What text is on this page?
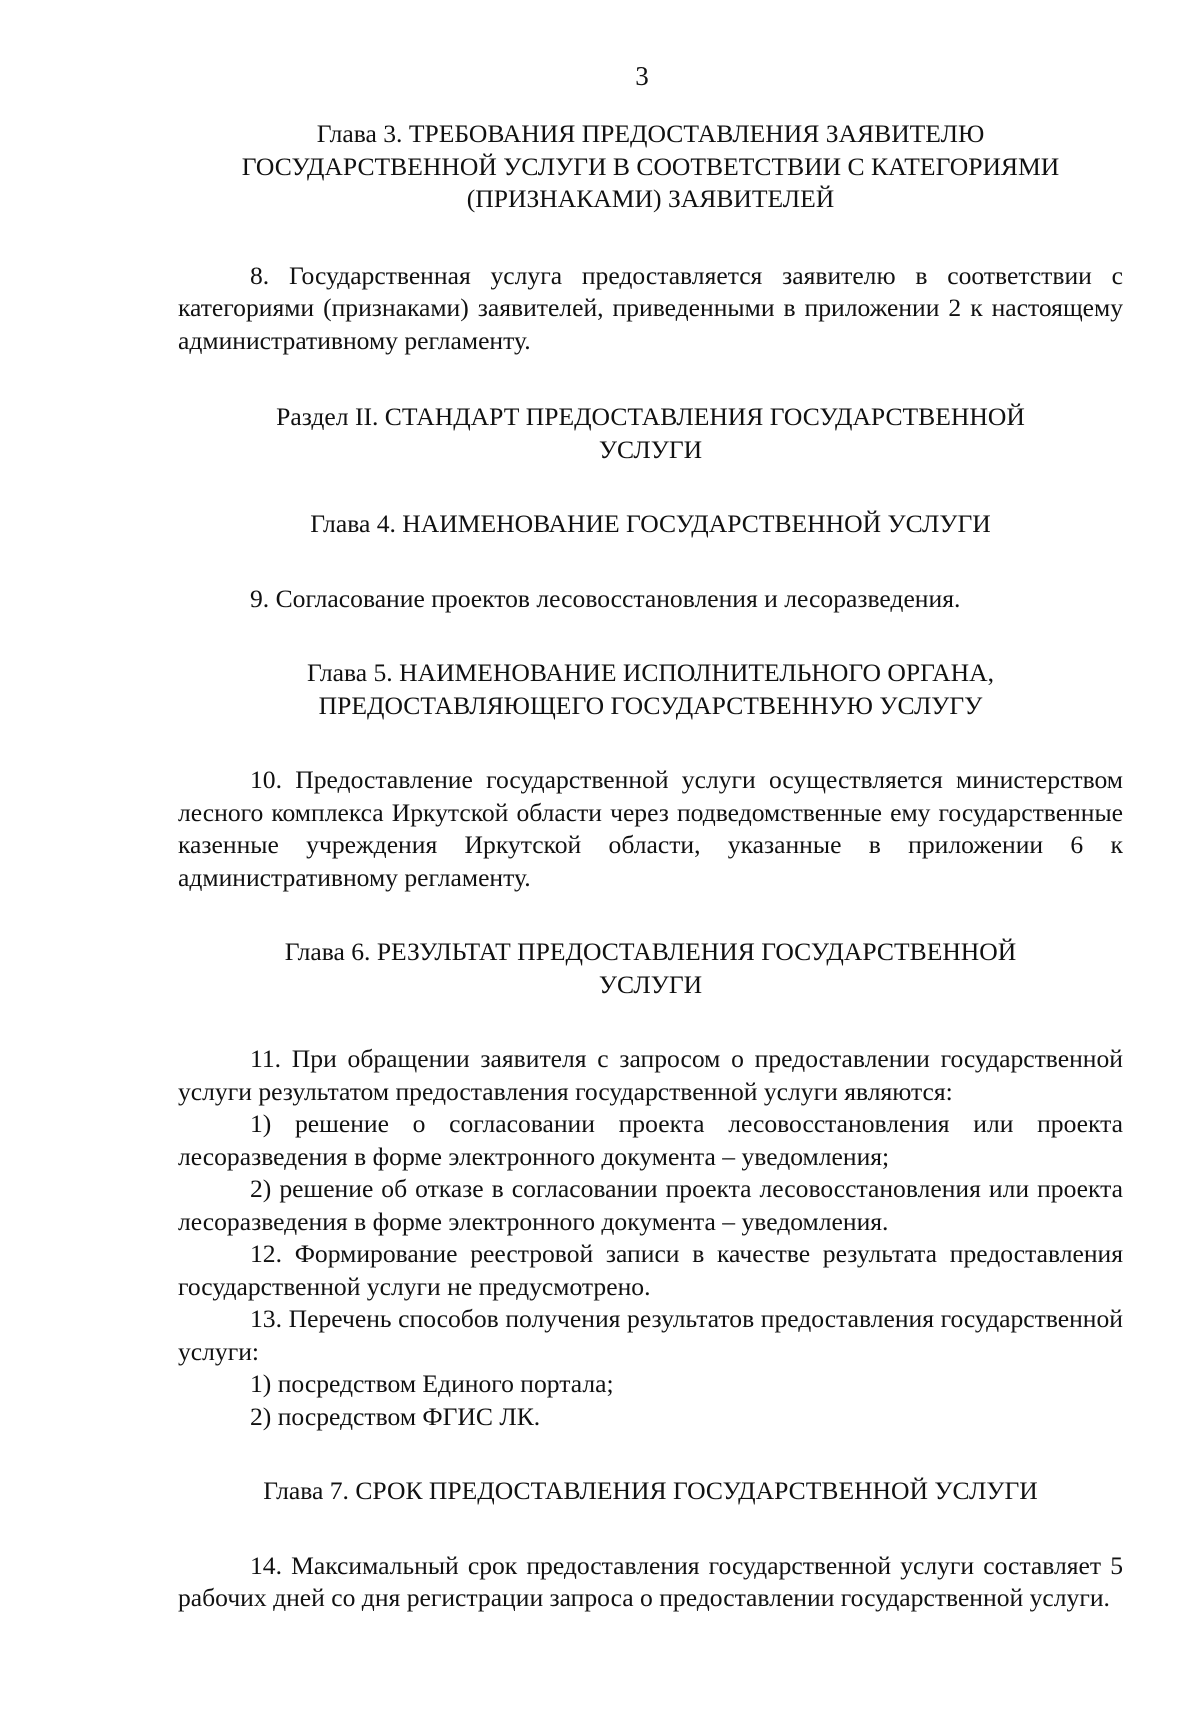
3
Глава 3. ТРЕБОВАНИЯ ПРЕДОСТАВЛЕНИЯ ЗАЯВИТЕЛЮ
ГОСУДАРСТВЕННОЙ УСЛУГИ В СООТВЕТСТВИИ С КАТЕГОРИЯМИ
(ПРИЗНАКАМИ) ЗАЯВИТЕЛЕЙ

8. Государственная услуга предоставляется заявителю в соответствии с категориями (признаками) заявителей, приведенными в приложении 2 к настоящему административному регламенту.

Раздел II. СТАНДАРТ ПРЕДОСТАВЛЕНИЯ ГОСУДАРСТВЕННОЙ
УСЛУГИ
Глава 4. НАИМЕНОВАНИЕ ГОСУДАРСТВЕННОЙ УСЛУГИ

9. Согласование проектов лесовосстановления и лесоразведения.

Глава 5. НАИМЕНОВАНИЕ ИСПОЛНИТЕЛЬНОГО ОРГАНА,
ПРЕДОСТАВЛЯЮЩЕГО ГОСУДАРСТВЕННУЮ УСЛУГУ

10. Предоставление государственной услуги осуществляется министерством лесного комплекса Иркутской области через подведомственные ему государственные казенные учреждения Иркутской области, указанные в приложении 6 к административному регламенту.

Глава 6. РЕЗУЛЬТАТ ПРЕДОСТАВЛЕНИЯ ГОСУДАРСТВЕННОЙ
УСЛУГИ

11. При обращении заявителя с запросом о предоставлении государственной услуги результатом предоставления государственной услуги являются:

1) решение о согласовании проекта лесовосстановления или проекта лесоразведения в форме электронного документа – уведомления;

2) решение об отказе в согласовании проекта лесовосстановления или проекта лесоразведения в форме электронного документа – уведомления.

12. Формирование реестровой записи в качестве результата предоставления государственной услуги не предусмотрено.

13. Перечень способов получения результатов предоставления государственной услуги:

1) посредством Единого портала;

2) посредством ФГИС ЛК.

Глава 7. СРОК ПРЕДОСТАВЛЕНИЯ ГОСУДАРСТВЕННОЙ УСЛУГИ

14. Максимальный срок предоставления государственной услуги составляет 5 рабочих дней со дня регистрации запроса о предоставлении государственной услуги.
